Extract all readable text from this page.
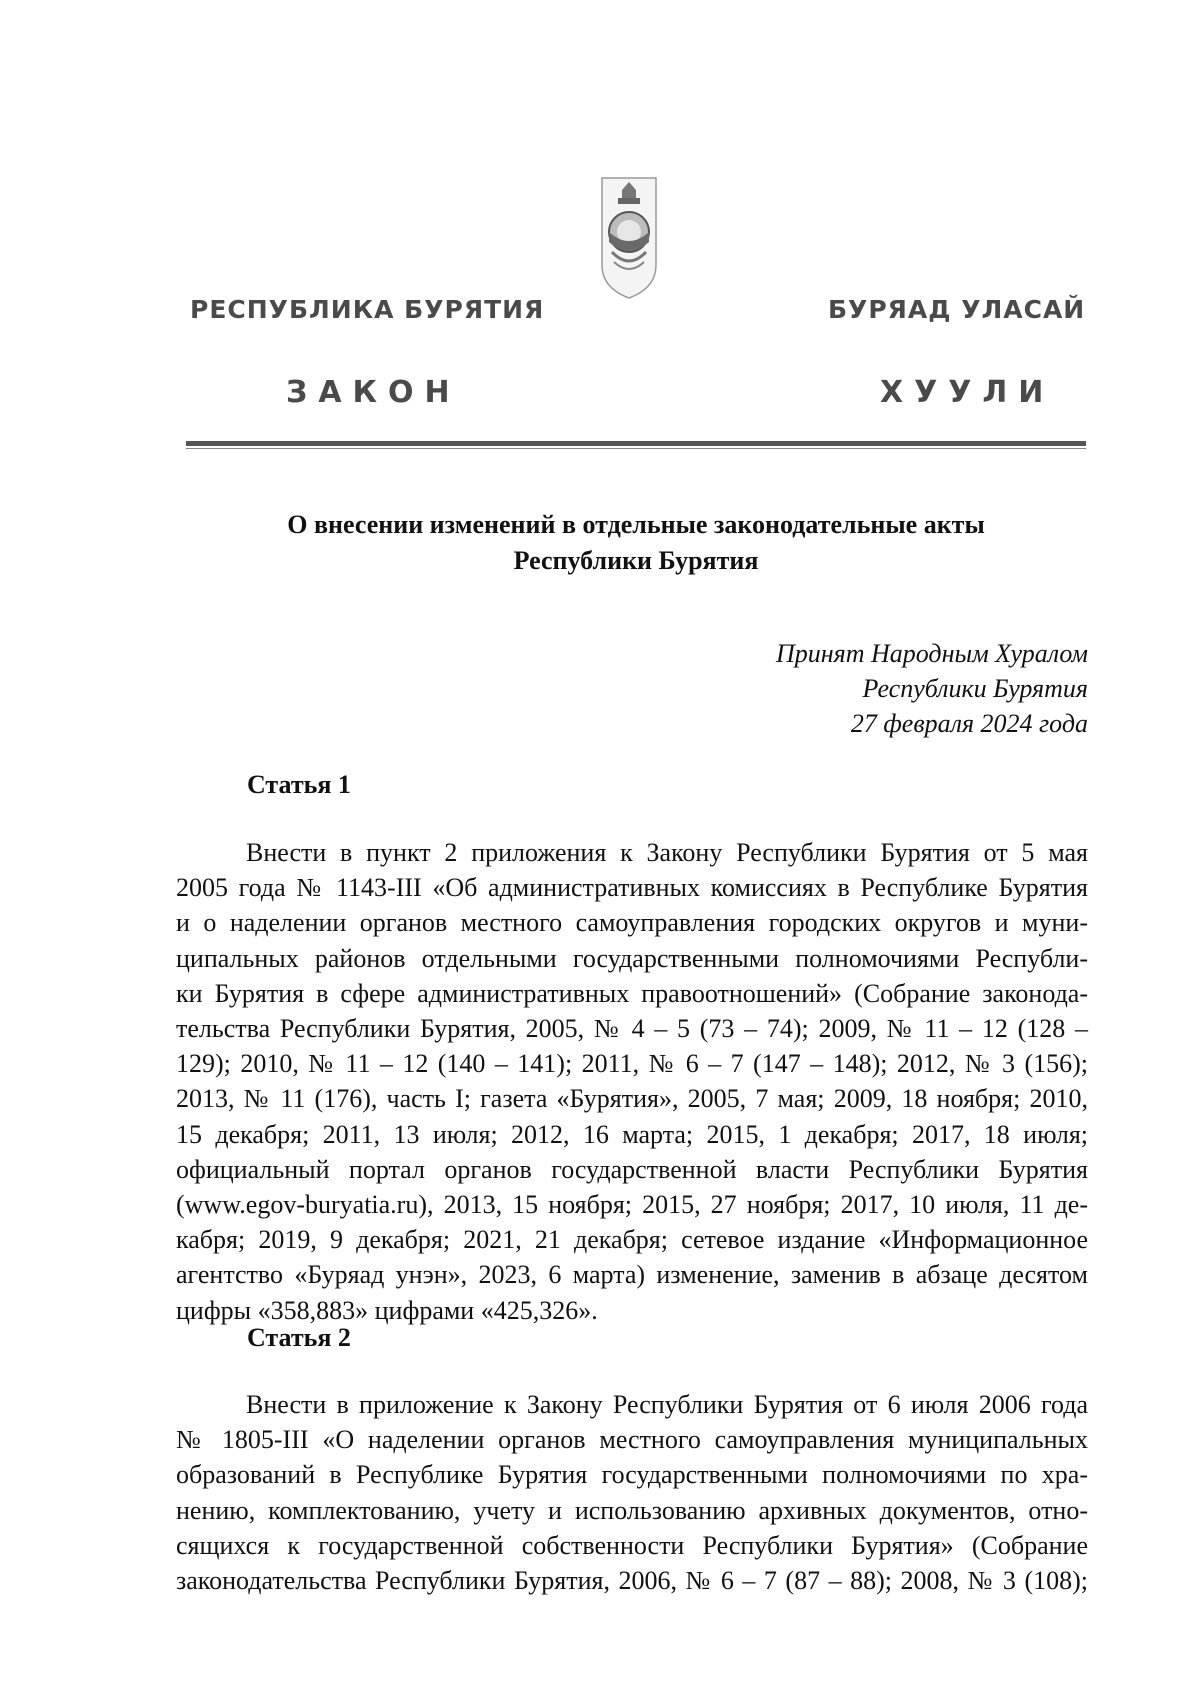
РЕСПУБЛИКА БУРЯТИЯ	БУРЯАД УЛАСАЙ
ЗАКОН	ХУУЛИ
О внесении изменений в отдельные законодательные акты
Республики Бурятия
Принят Народным Хуралом
Республики Бурятия
27 февраля 2024 года
Статья 1
Внести в пункт 2 приложения к Закону Республики Бурятия от 5 мая
2005 года № 1143-III «Об административных комиссиях в Республике Бурятия
и о наделении органов местного самоуправления городских округов и муни-
ципальных районов отдельными государственными полномочиями Республи-
ки Бурятия в сфере административных правоотношений» (Собрание законода-
тельства Республики Бурятия, 2005, № 4 – 5 (73 – 74); 2009, № 11 – 12 (128 –
129); 2010, № 11 – 12 (140 – 141); 2011, № 6 – 7 (147 – 148); 2012, № 3 (156);
2013, № 11 (176), часть I; газета «Бурятия», 2005, 7 мая; 2009, 18 ноября; 2010,
15 декабря; 2011, 13 июля; 2012, 16 марта; 2015, 1 декабря; 2017, 18 июля;
официальный портал органов государственной власти Республики Бурятия
(www.egov-buryatia.ru), 2013, 15 ноября; 2015, 27 ноября; 2017, 10 июля, 11 де-
кабря; 2019, 9 декабря; 2021, 21 декабря; сетевое издание «Информационное
агентство «Буряад унэн», 2023, 6 марта) изменение, заменив в абзаце десятом
цифры «358,883» цифрами «425,326».
Статья 2
Внести в приложение к Закону Республики Бурятия от 6 июля 2006 года
№ 1805-III «О наделении органов местного самоуправления муниципальных
образований в Республике Бурятия государственными полномочиями по хра-
нению, комплектованию, учету и использованию архивных документов, отно-
сящихся к государственной собственности Республики Бурятия» (Собрание
законодательства Республики Бурятия, 2006, № 6 – 7 (87 – 88); 2008, № 3 (108);
